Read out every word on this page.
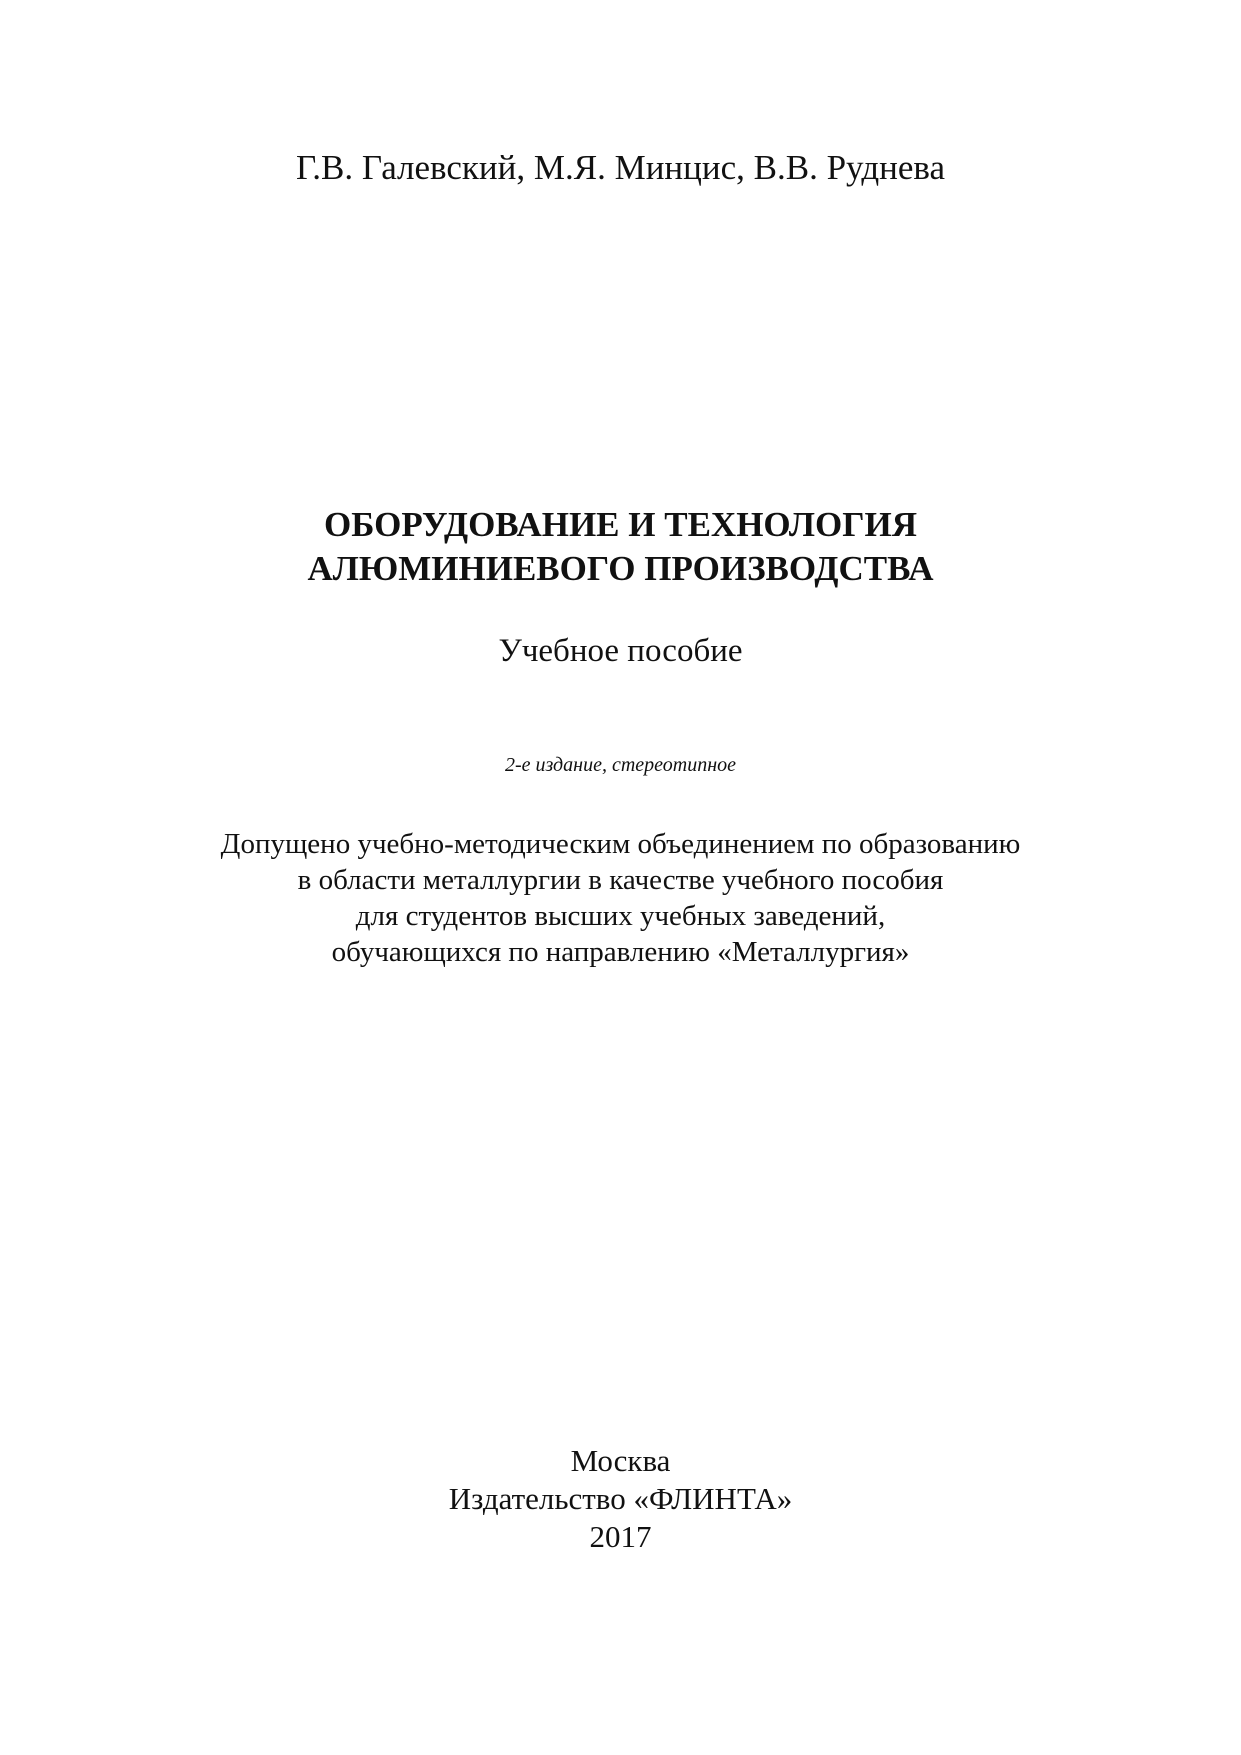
Г.В. Галевский, М.Я. Минцис, В.В. Руднева
ОБОРУДОВАНИЕ И ТЕХНОЛОГИЯ
АЛЮМИНИЕВОГО ПРОИЗВОДСТВА
Учебное пособие
2-е издание, стереотипное
Допущено учебно-методическим объединением по образованию
в области металлургии в качестве учебного пособия
для студентов высших учебных заведений,
обучающихся по направлению «Металлургия»
Москва
Издательство «ФЛИНТА»
2017
